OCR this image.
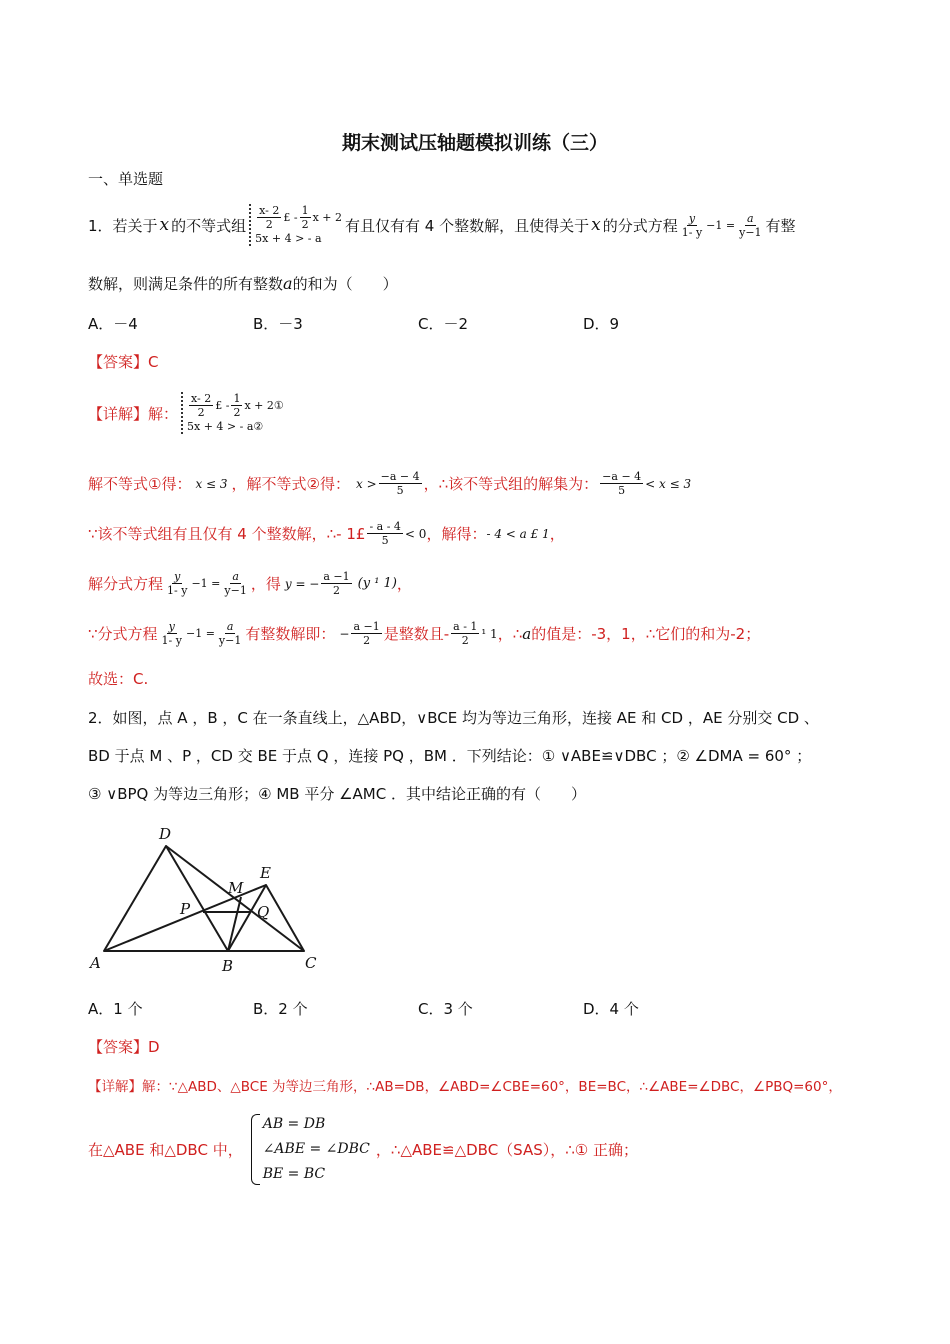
期末测试压轴题模拟训练（三）
一、单选题
1．若关于 x 的不等式组 $\frac{x- 2}{2}$ £ - $\frac{1}{2}$ x + 2
5x + 4 > - a
有且仅有有 4 个整数解，且使得关于 x 的分式方程 $\frac{y}{1- y} -1 = \frac{a}{y-1}$ 有整
数解，则满足条件的所有整数a的和为（　　）
A．－4	B．－3	C．－2	D．9
【答案】C
【详解】解： $\frac{x- 2}{2}$ £ - $\frac{1}{2}$ x + 2①
5x + 4 > - a②
解不等式①得： x ≤ 3 ，解不等式②得： $x > \frac{-a - 4}{5}$ ，∴该不等式组的解集为： $\frac{-a - 4}{5} < x \le 3$
∵该不等式组有且仅有 4 个整数解，∴- 1£ $\frac{- a - 4}{5} < 0$ ，解得： - 4 < a £ 1 ，
解分式方程 $\frac{y}{1- y} -1 = \frac{a}{y-1}$ ，得 y = − $\frac{a -1}{2} (y$ ¹ 1) ，
∵分式方程 $\frac{y}{1- y} -1 = \frac{a}{y-1}$ 有整数解即： − $\frac{a -1}{2}$ 是整数且- $\frac{a - 1}{2} ^1$ 1 ，∴ a 的值是：-3，1，∴它们的和为-2；
故选：C.
2．如图，点 A ，B ，C 在一条直线上，△ABD，∨BCE 均为等边三角形，连接 AE 和 CD ，AE 分别交 CD 、
BD 于点 M 、P ，CD 交 BE 于点 Q ，连接 PQ ，BM ．下列结论：① ∨ABE≌∨DBC ；② ∠DMA = 60° ；
③ ∨BPQ 为等边三角形；④ MB 平分 ∠AMC ．其中结论正确的有（　　）
A	B	C
D
E
M
P	Q
A．1 个	B．2 个	C．3 个	D．4 个
【答案】D
【详解】解：∵△ABD、△BCE 为等边三角形，∴AB=DB，∠ABD=∠CBE=60°，BE=BC，∴∠ABE=∠DBC，∠PBQ=60°，
在△ABE 和△DBC 中，
AB = DB
∠ABE = ∠DBC
BE = BC
，∴△ABE≌△DBC（SAS），∴① 正确；
